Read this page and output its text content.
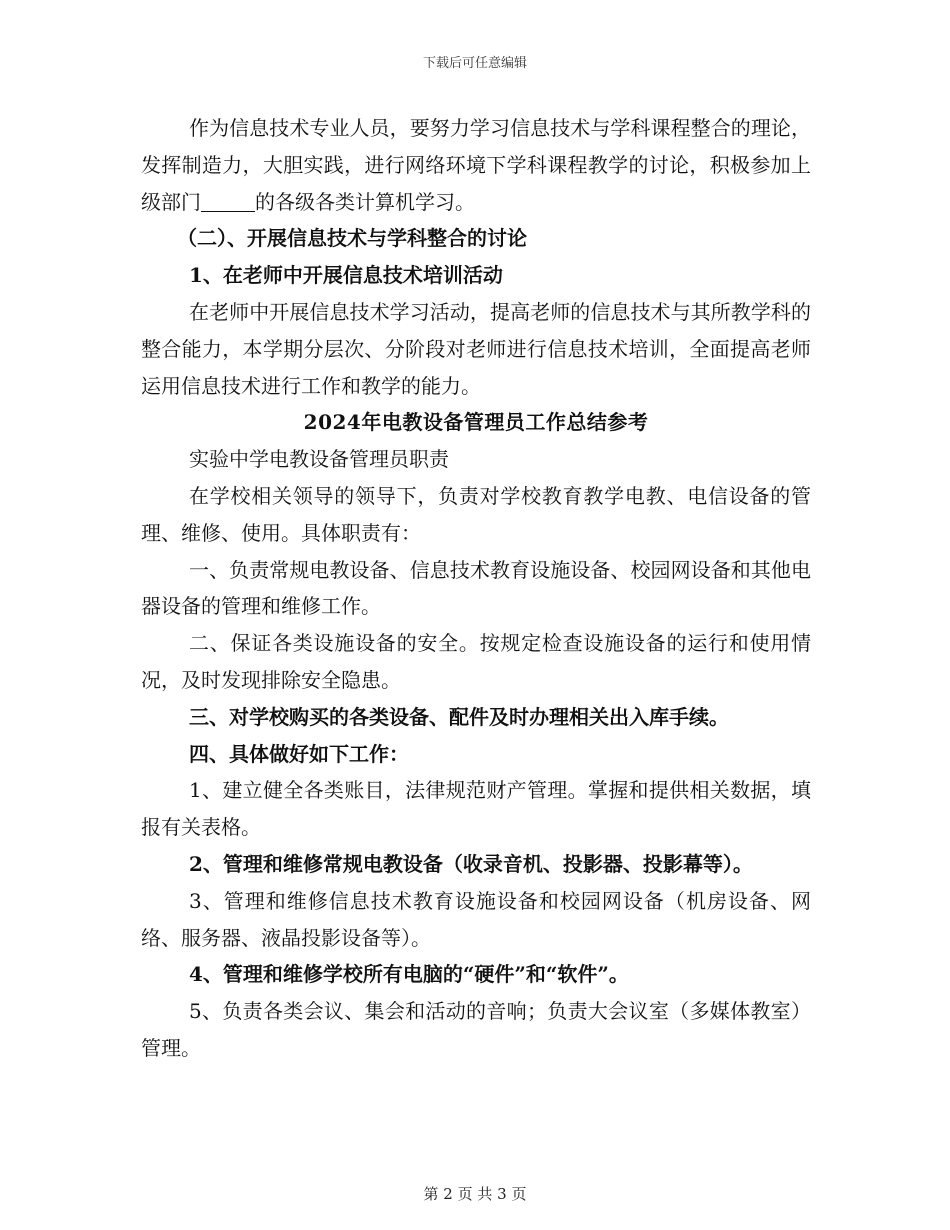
下载后可任意编辑

作为信息技术专业人员，要努力学习信息技术与学科课程整合的理论，发挥制造力，大胆实践，进行网络环境下学科课程教学的讨论，积极参加上级部门	的各级各类计算机学习。

（二）、开展信息技术与学科整合的讨论

1、在老师中开展信息技术培训活动

在老师中开展信息技术学习活动，提高老师的信息技术与其所教学科的整合能力，本学期分层次、分阶段对老师进行信息技术培训，全面提高老师运用信息技术进行工作和教学的能力。

2024年电教设备管理员工作总结参考

实验中学电教设备管理员职责

在学校相关领导的领导下，负责对学校教育教学电教、电信设备的管理、维修、使用。具体职责有：

一、负责常规电教设备、信息技术教育设施设备、校园网设备和其他电器设备的管理和维修工作。

二、保证各类设施设备的安全。按规定检查设施设备的运行和使用情况，及时发现排除安全隐患。

三、对学校购买的各类设备、配件及时办理相关出入库手续。

四、具体做好如下工作：

1、建立健全各类账目，法律规范财产管理。掌握和提供相关数据，填报有关表格。

2、管理和维修常规电教设备（收录音机、投影器、投影幕等）。

3、管理和维修信息技术教育设施设备和校园网设备（机房设备、网络、服务器、液晶投影设备等）。

4、管理和维修学校所有电脑的“硬件”和“软件”。

5、负责各类会议、集会和活动的音响；负责大会议室（多媒体教室）管理。

第 2 页 共 3 页
